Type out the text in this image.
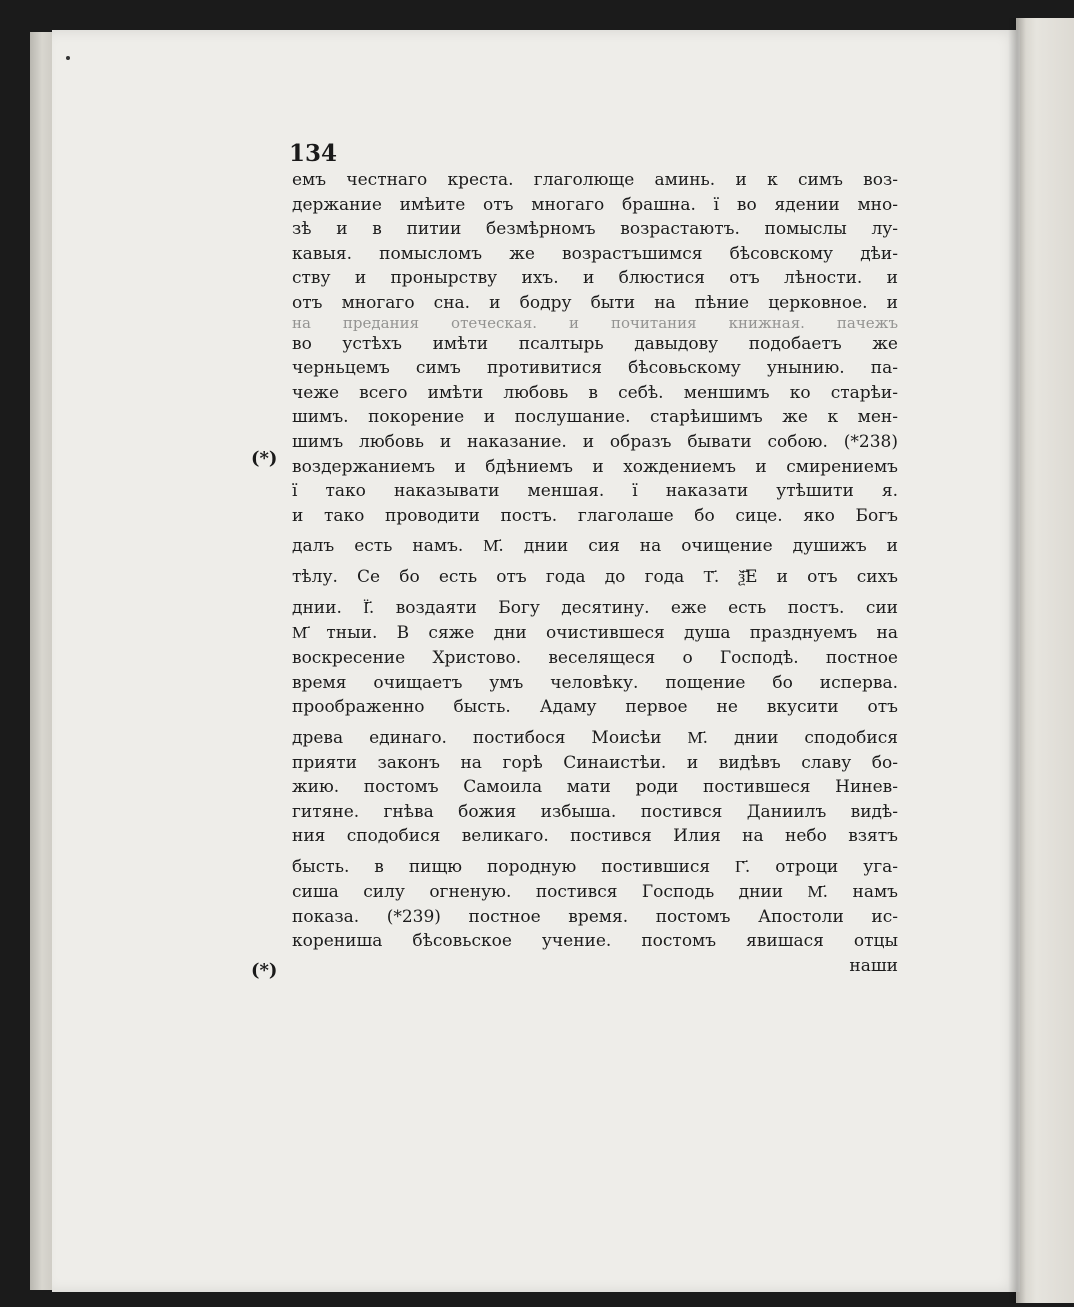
134
(*)
(*)
емъ честнаго креста. глаголюще аминь. и к симъ воз-
держание имѣите отъ многаго брашна. ї во ядении мно-
зѣ и в питии безмѣрномъ возрастаютъ. помыслы лу-
кавыя. помысломъ же возрастъшимся бѣсовскому дѣи-
ству и пронырству ихъ. и блюстися отъ лѣности. и
отъ многаго сна. и бодру быти на пѣние церковное. и
на предания отеческая. и почитания книжная. пачежъ
во устѣхъ имѣти псалтырь давыдову подобаетъ же
черньцемъ симъ противитися бѣсовьскому унынию. па-
чеже всего имѣти любовь в себѣ. меншимъ ко старѣи-
шимъ. покорение и послушание. старѣишимъ же к мен-
шимъ любовь и наказание. и образъ бывати собою. (*238)
воздержаниемъ и бдѣниемъ и хождениемъ и смирениемъ
ї тако наказывати меншая. ї наказати утѣшити я.
и тако проводити постъ. глаголаше бо сице. яко Богъ
далъ есть намъ. М҃. днии сия на очищение душижъ и
тѣлу. Се бо есть отъ года до года Т҃. ѯ҃Е и отъ сихъ
днии. Ї҃. воздаяти Богу десятину. еже есть постъ. сии
М҃ тныи. В сяже дни очистившеся душа празднуемъ на
воскресение Христово. веселящеся о Господѣ. постное
время очищаетъ умъ человѣку. пощение бо исперва.
проображенно бысть. Адаму первое не вкусити отъ
древа единаго. постибося Моисѣи М҃. днии сподобися
прияти законъ на горѣ Синаистѣи. и видѣвъ славу бо-
жию. постомъ Самоила мати роди постившеся Нинев-
гитяне. гнѣва божия избыша. постився Даниилъ видѣ-
ния сподобися великаго. постився Илия на небо взятъ
бысть. в пищю породную постившися Г҃. отроци уга-
сиша силу огненую. постився Господь днии М҃. намъ
показа. (*239) постное время. постомъ Апостоли ис-
корениша бѣсовьское учение. постомъ явишася отцы
наши
